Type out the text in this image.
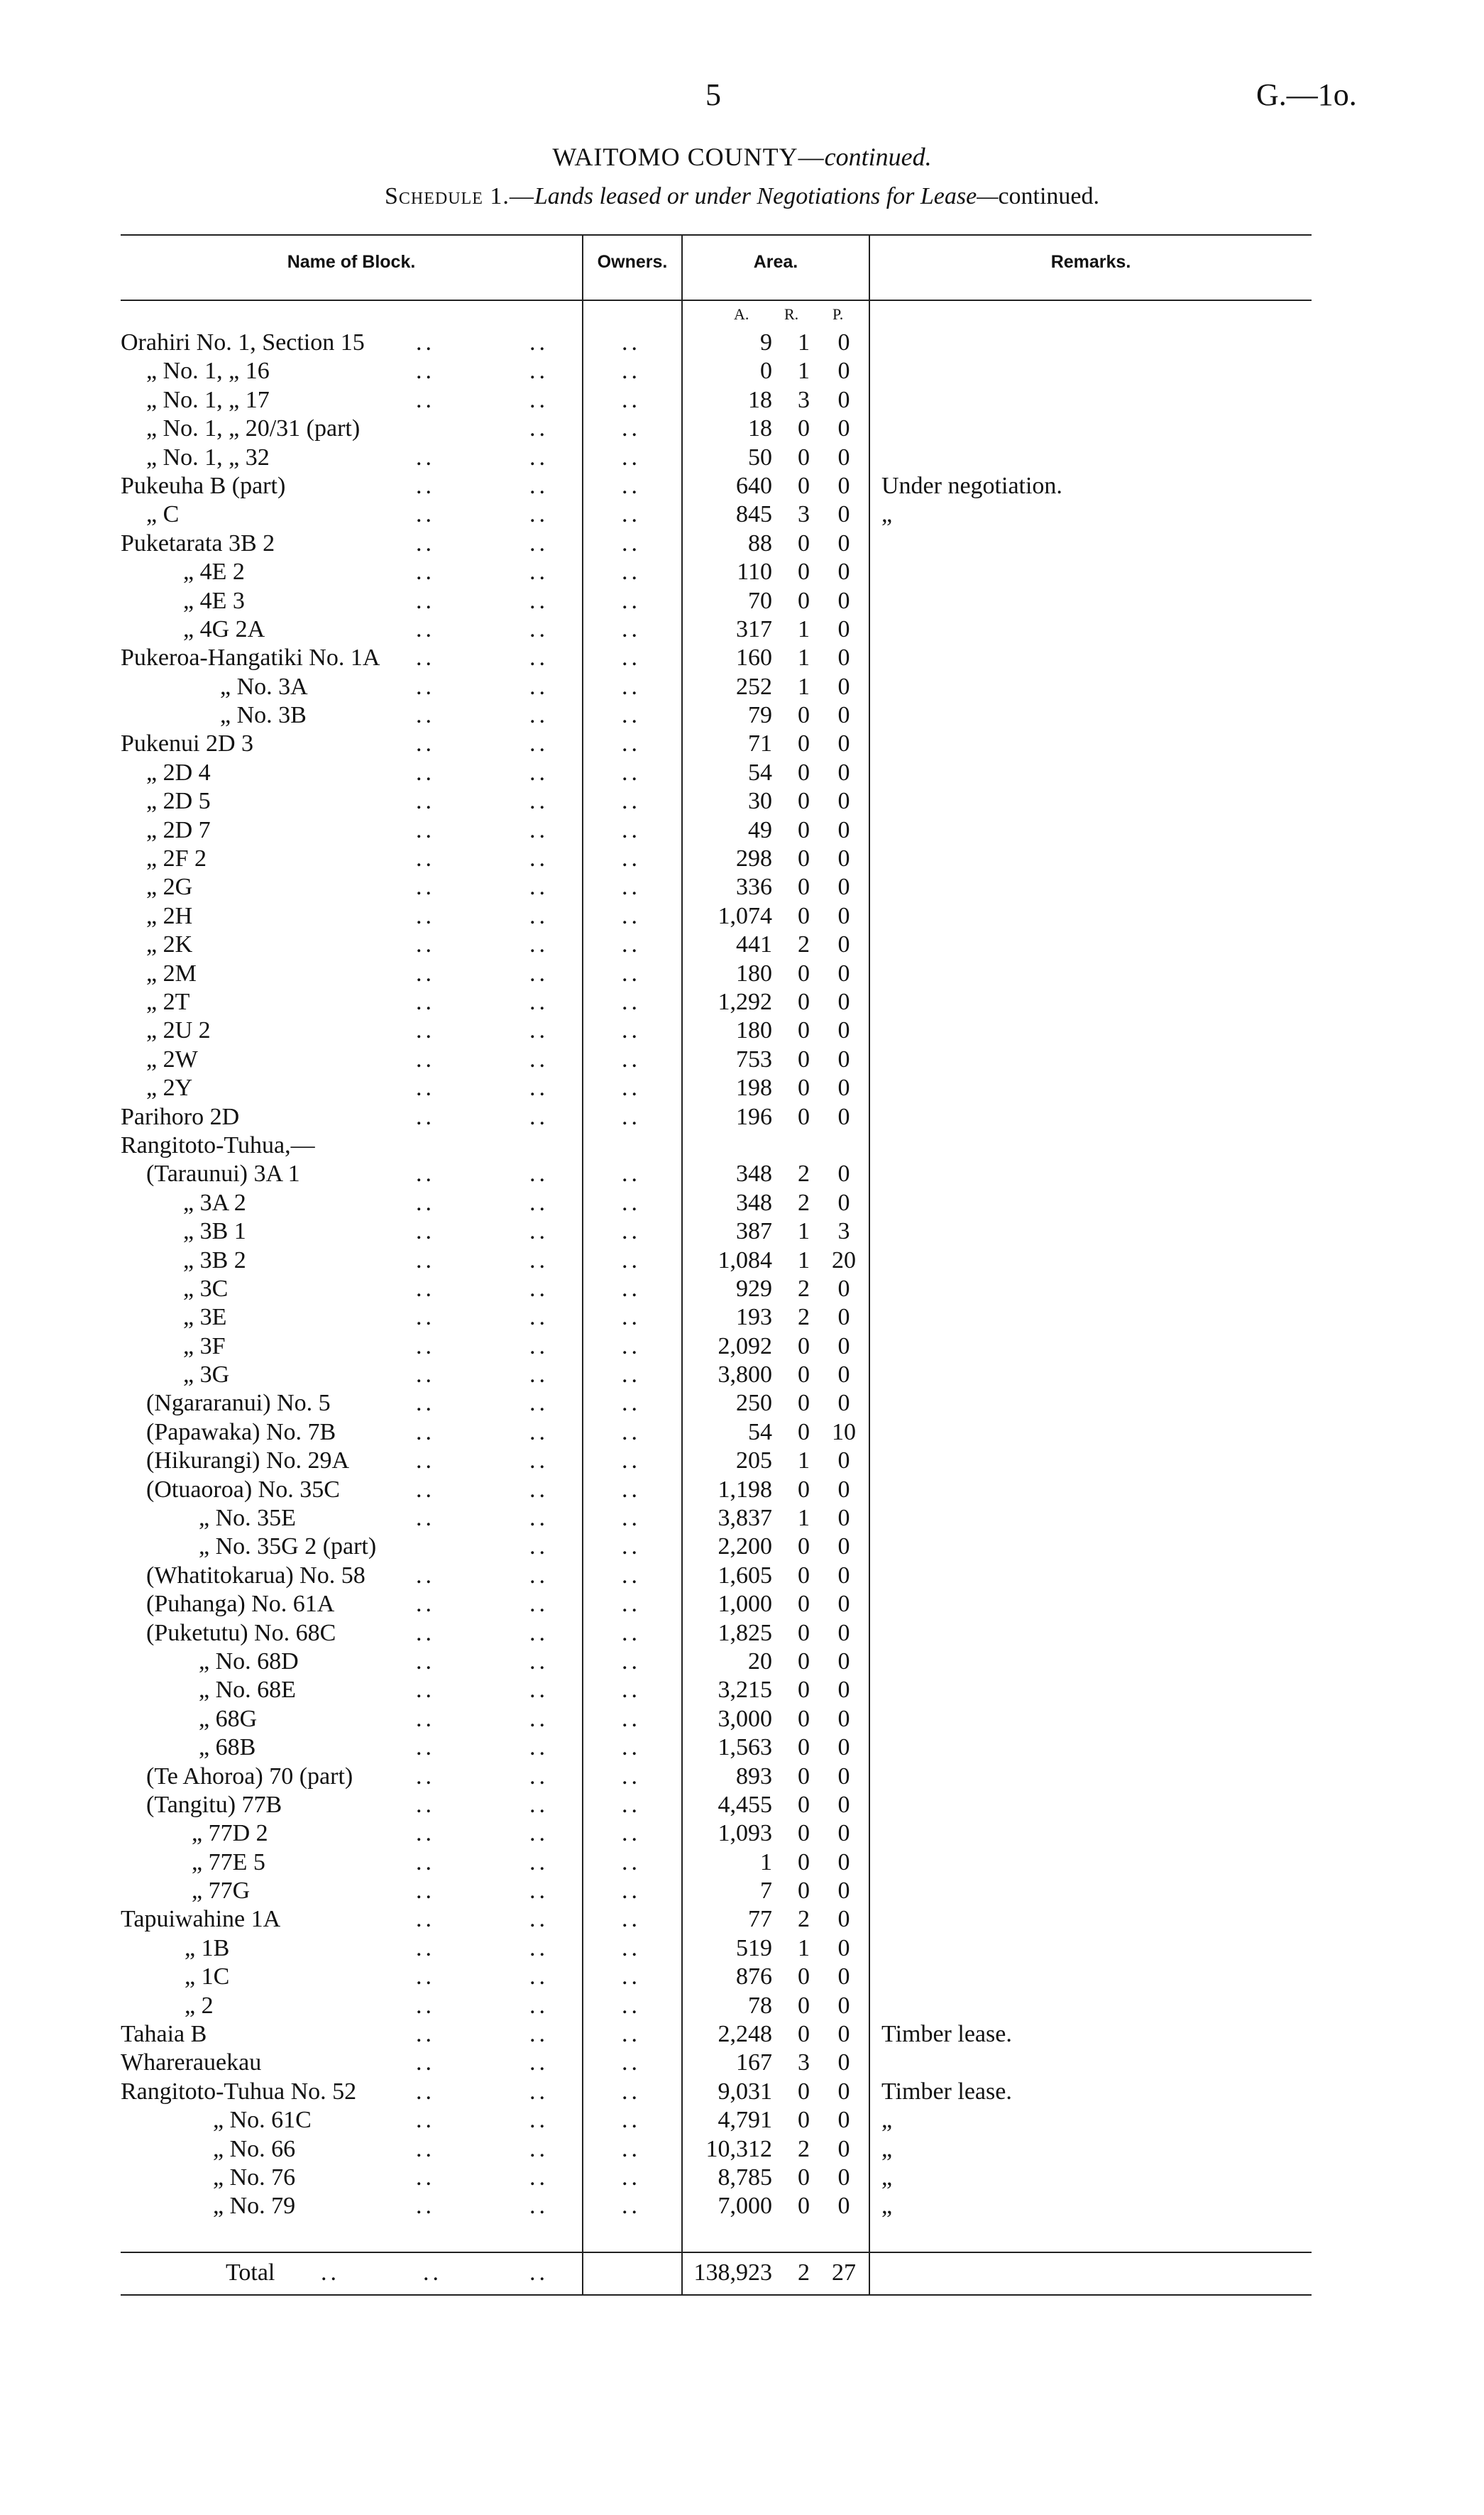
5	G.—1o.
WAITOMO COUNTY—continued.
Schedule 1.—Lands leased or under Negotiations for Lease—continued.
Name of Block.	Owners.	Area.	Remarks.
A. R. P.
Orahiri No. 1, Section 15 ..	..	..	9	1	0
„ No. 1, „ 16	..	..	..	0	1	0
„ No. 1, „ 17	..	..	..	18	3	0
„ No. 1, „ 20/31 (part)	..	..	18	0	0
„ No. 1, „ 32	..	..	..	50	0	0
Pukeuha B (part)	..	..	..	640	0	0	Under negotiation.
„ C	..	..	..	845	3	0	„
Puketarata 3B 2	..	..	..	88	0	0
„ 4E 2	..	..	..	110	0	0
„ 4E 3	..	..	..	70	0	0
„ 4G 2A	..	..	..	317	1	0
Pukeroa-Hangatiki No. 1A ..	..	..	160	1	0
„ No. 3A	..	..	..	252	1	0
„ No. 3B	..	..	..	79	0	0
Pukenui 2D 3	..	..	..	71	0	0
„ 2D 4	..	..	..	54	0	0
„ 2D 5	..	..	..	30	0	0
„ 2D 7	..	..	..	49	0	0
„ 2F 2	..	..	..	298	0	0
„ 2G	..	..	..	336	0	0
„ 2H	..	..	..	1,074	0	0
„ 2K	..	..	..	441	2	0
„ 2M	..	..	..	180	0	0
„ 2T	..	..	..	1,292	0	0
„ 2U 2	..	..	..	180	0	0
„ 2W	..	..	..	753	0	0
„ 2Y	..	..	..	198	0	0
Parihoro 2D	..	..	..	196	0	0
Rangitoto-Tuhua,—
(Taraunui) 3A 1	..	..	..	348	2	0
„ 3A 2	..	..	..	348	2	0
„ 3B 1	..	..	..	387	1	3
„ 3B 2	..	..	..	1,084	1 20
„ 3C	..	..	..	929	2	0
„ 3E	..	..	..	193	2	0
„ 3F	..	..	..	2,092	0	0
„ 3G	..	..	..	3,800	0	0
(Ngararanui) No. 5	..	..	..	250	0	0
(Papawaka) No. 7B	..	..	..	54	0 10
(Hikurangi) No. 29A	..	..	..	205	1	0
(Otuaoroa) No. 35C	..	..	..	1,198	0	0
„ No. 35E	..	..	..	3,837	1	0
„ No. 35G 2 (part)	..	..	2,200	0	0
(Whatitokarua) No. 58 ..	..	..	1,605	0	0
(Puhanga) No. 61A	..	..	..	1,000	0	0
(Puketutu) No. 68C	..	..	..	1,825	0	0
„ No. 68D	..	..	..	20	0	0
„ No. 68E	..	..	..	3,215	0	0
„ 68G	..	..	..	3,000	0	0
„ 68B	..	..	..	1,563	0	0
(Te Ahoroa) 70 (part)	..	..	..	893	0	0
(Tangitu) 77B	..	..	..	4,455	0	0
„ 77D 2	..	..	..	1,093	0	0
„ 77E 5	..	..	..	1	0	0
„ 77G	..	..	..	7	0	0
Tapuiwahine 1A	..	..	..	77	2	0
„ 1B	..	..	..	519	1	0
„ 1C	..	..	..	876	0	0
„ 2	..	..	..	78	0	0
Tahaia B	..	..	..	2,248	0	0	Timber lease.
Wharerauekau	..	..	..	167	3	0
Rangitoto-Tuhua No. 52 ..	..	..	9,031	0	0	Timber lease.
„ No. 61C	..	..	..	4,791	0	0	„
„ No. 66	..	..	..	10,312	2	0	„
„ No. 76	..	..	..	8,785	0	0	„
„ No. 79	..	..	..	7,000	0	0	„
Total ..	..	..	138,923	2 27
